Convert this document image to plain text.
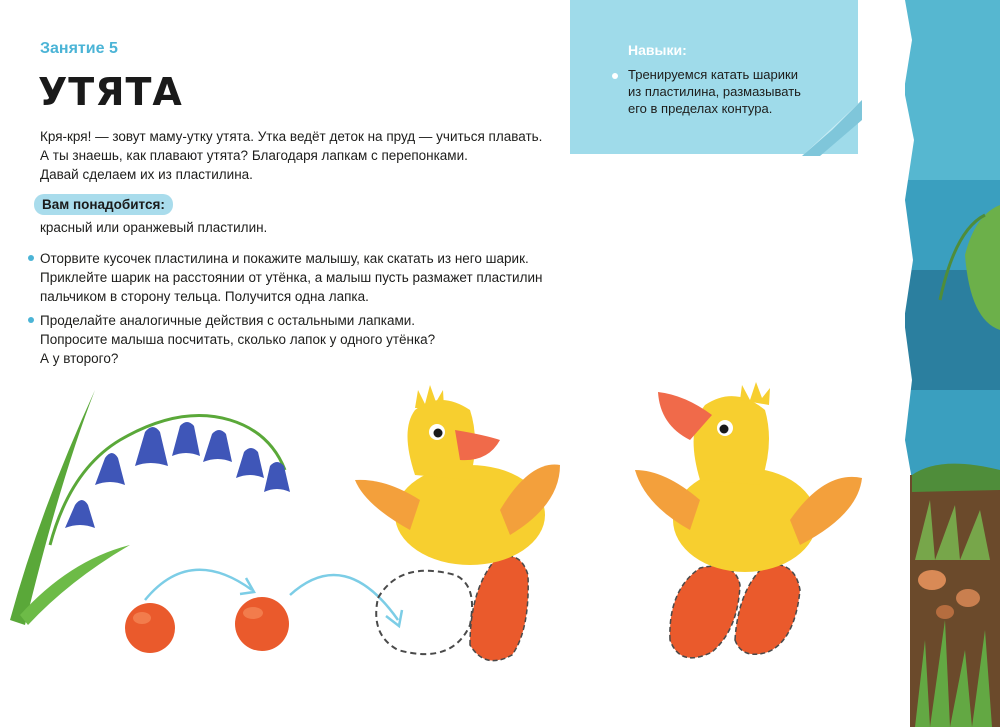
Навыки:
Тренируемся катать шарики
из пластилина, размазывать
его в пределах контура.
Занятие 5
УТЯТА

Кря-кря! — зовут маму-утку утята. Утка ведёт деток на пруд — учиться плавать.

А ты знаешь, как плавают утята? Благодаря лапкам с перепонками.

Давай сделаем их из пластилина.

Вам понадобится:
красный или оранжевый пластилин.

Оторвите кусочек пластилина и покажите малышу, как скатать из него шарик.

Приклейте шарик на расстоянии от утёнка, а малыш пусть размажет пластилин

пальчиком в сторону тельца. Получится одна лапка.

Проделайте аналогичные действия с остальными лапками.

Попросите малыша посчитать, сколько лапок у одного утёнка?

А у второго?
